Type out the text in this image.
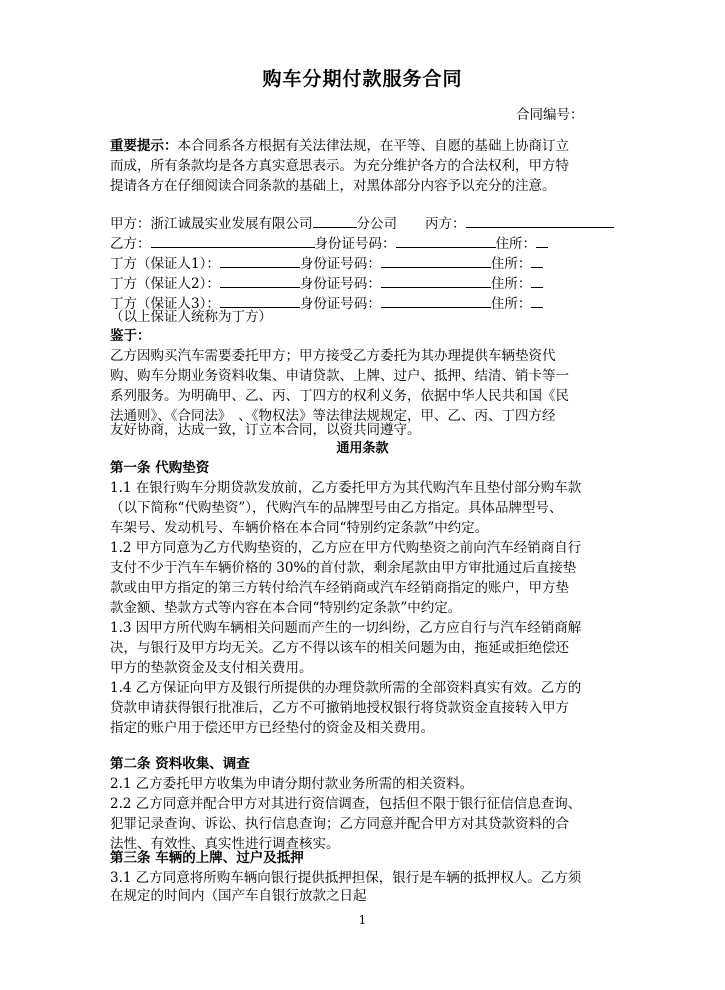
购车分期付款服务合同
合同编号：
重要提示：本合同系各方根据有关法律法规，在平等、自愿的基础上协商订立
而成，所有条款均是各方真实意思表示。为充分维护各方的合法权利，甲方特
提请各方在仔细阅读合同条款的基础上，对黑体部分内容予以充分的注意。
甲方：浙江诚晟实业发展有限公司	分公司 丙方：
乙方：	身份证号码：	住所：
丁方（保证人1）：	身份证号码：	住所：
丁方（保证人2）：	身份证号码：	住所：
丁方（保证人3）：	身份证号码：	住所：
（以上保证人统称为丁方）
鉴于：
乙方因购买汽车需要委托甲方；甲方接受乙方委托为其办理提供车辆垫资代
购、购车分期业务资料收集、申请贷款、上牌、过户、抵押、结清、销卡等一
系列服务。为明确甲、乙、丙、丁四方的权利义务，依据中华人民共和国《民
法通则》、《合同法》　、《物权法》等法律法规规定，甲、乙、丙、丁四方经
友好协商，达成一致，订立本合同，以资共同遵守。
通用条款
第一条 代购垫资
1.1 在银行购车分期贷款发放前，乙方委托甲方为其代购汽车且垫付部分购车款
（以下简称“代购垫资”），代购汽车的品牌型号由乙方指定。具体品牌型号、
车架号、发动机号、车辆价格在本合同“特别约定条款”中约定。
1.2 甲方同意为乙方代购垫资的，乙方应在甲方代购垫资之前向汽车经销商自行
支付不少于汽车车辆价格的 30%的首付款，剩余尾款由甲方审批通过后直接垫
款或由甲方指定的第三方转付给汽车经销商或汽车经销商指定的账户，甲方垫
款金额、垫款方式等内容在本合同“特别约定条款”中约定。
1.3 因甲方所代购车辆相关问题而产生的一切纠纷，乙方应自行与汽车经销商解
决，与银行及甲方均无关。乙方不得以该车的相关问题为由，拖延或拒绝偿还
甲方的垫款资金及支付相关费用。
1.4 乙方保证向甲方及银行所提供的办理贷款所需的全部资料真实有效。乙方的
贷款申请获得银行批准后，乙方不可撤销地授权银行将贷款资金直接转入甲方
指定的账户用于偿还甲方已经垫付的资金及相关费用。
第二条 资料收集、调查
2.1 乙方委托甲方收集为申请分期付款业务所需的相关资料。
2.2 乙方同意并配合甲方对其进行资信调查，包括但不限于银行征信信息查询、
犯罪记录查询、诉讼、执行信息查询；乙方同意并配合甲方对其贷款资料的合
法性、有效性、真实性进行调查核实。
第三条 车辆的上牌、过户及抵押
3.1 乙方同意将所购车辆向银行提供抵押担保，银行是车辆的抵押权人。乙方须
在规定的时间内（国产车自银行放款之日起
1
